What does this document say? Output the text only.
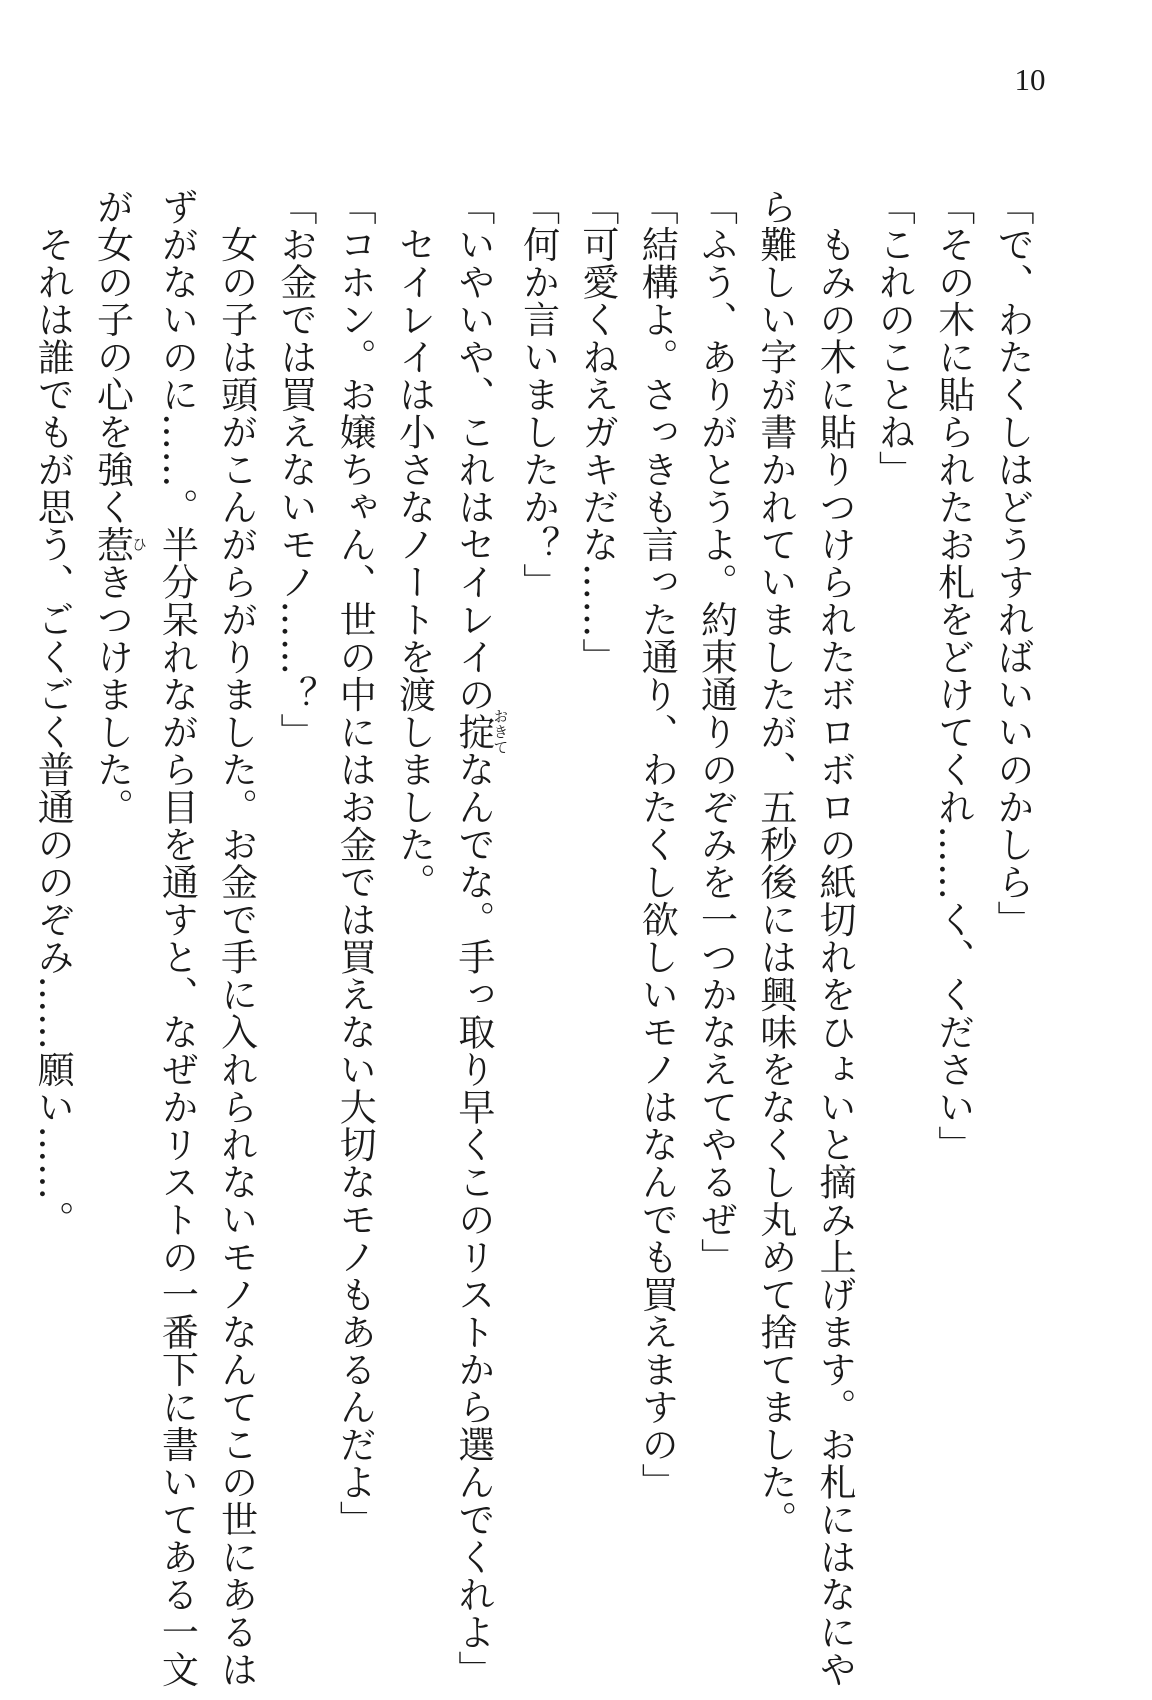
10

「で、わたくしはどうすればいいのかしら」

「その木に貼られたお札をどけてくれ……く、ください」

「これのことね」

　もみの木に貼りつけられたボロボロの紙切れをひょいと摘み上げます。お札にはなにや

ら難しい字が書かれていましたが、五秒後には興味をなくし丸めて捨てました。

「ふう、ありがとうよ。約束通りのぞみを一つかなえてやるぜ」

「結構よ。さっきも言った通り、わたくし欲しいモノはなんでも買えますの」

「可愛くねえガキだな……」

「何か言いましたか？」

「いやいや、これはセイレイの掟おきてなんでな。手っ取り早くこのリストから選んでくれよ」

　セイレイは小さなノートを渡しました。

「コホン。お嬢ちゃん、世の中にはお金では買えない大切なモノもあるんだよ」

「お金では買えないモノ……？」

　女の子は頭がこんがらがりました。お金で手に入れられないモノなんてこの世にあるは

ずがないのに……。半分呆れながら目を通すと、なぜかリストの一番下に書いてある一文

が女の子の心を強く惹ひきつけました。

　それは誰でもが思う、ごくごく普通ののぞみ……願い……。
